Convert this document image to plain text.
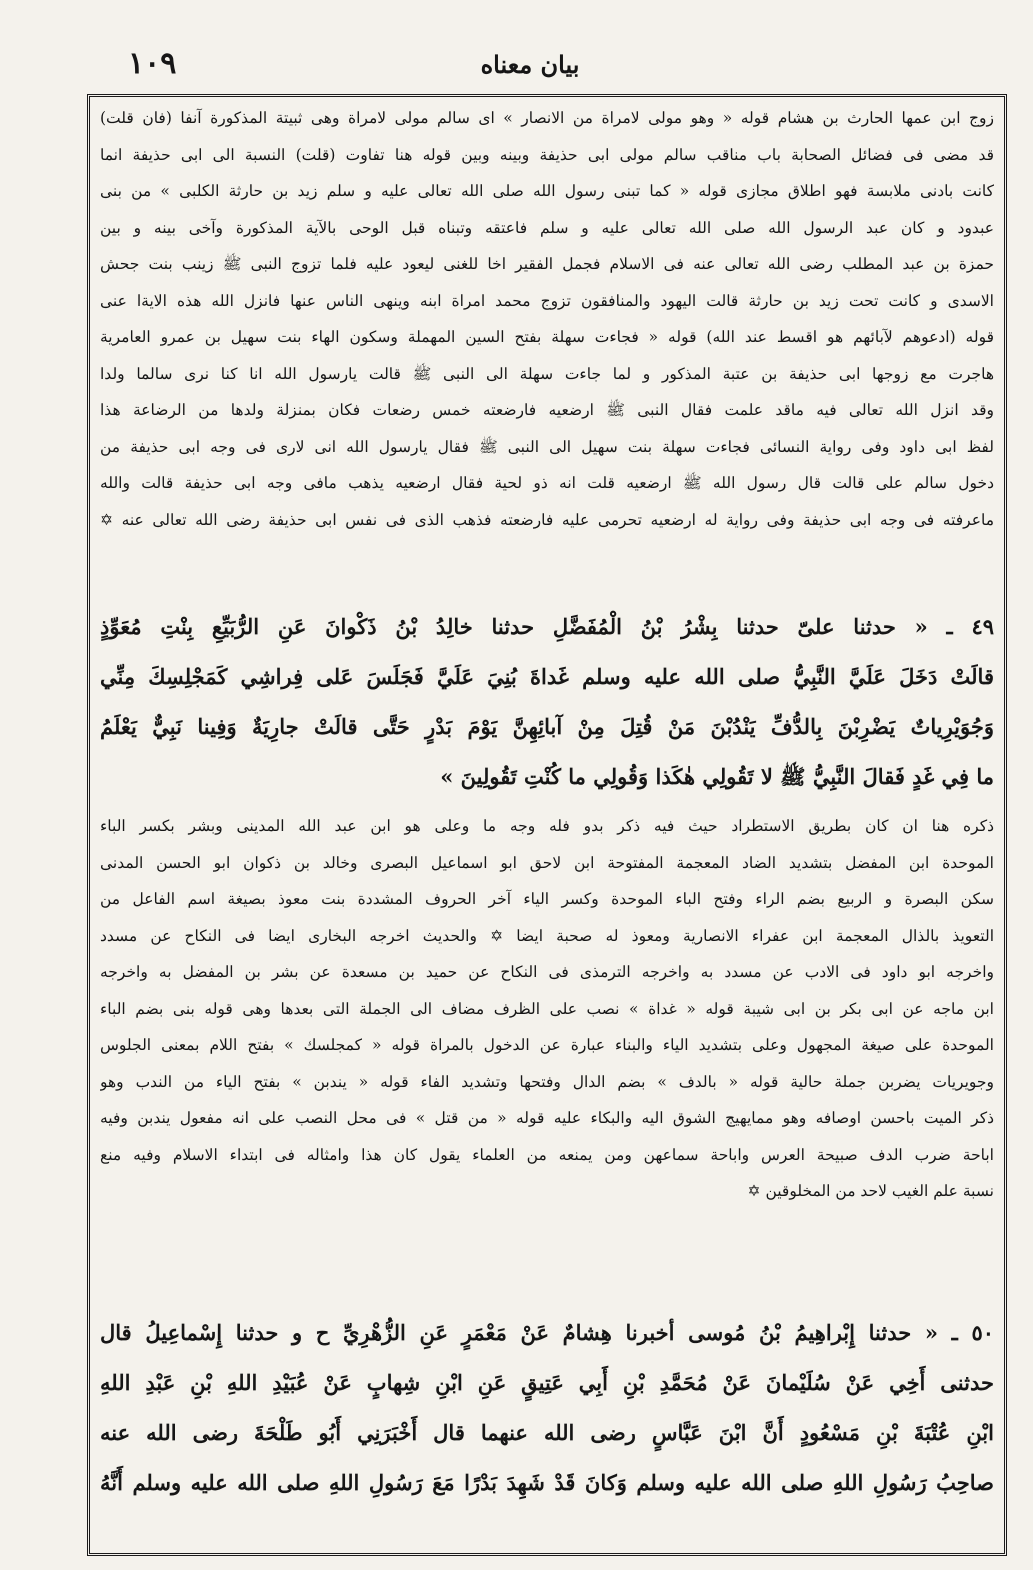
١٠٩	بيان معناه
زوج ابن عمها الحارث بن هشام قوله « وهو مولى لامراة من الانصار » اى سالم مولى لامراة وهى ثبيتة المذكورة آنفا (فان قلت)
قد مضى فى فضائل الصحابة باب مناقب سالم مولى ابى حذيفة وبينه وبين قوله هنا تفاوت (قلت) النسبة الى ابى حذيفة انما
كانت بادنى ملابسة فهو اطلاق مجازى قوله « كما تبنى رسول الله صلى الله تعالى عليه و سلم زيد بن حارثة الكلبى » من بنى
عبدود و كان عبد الرسول الله صلى الله تعالى عليه و سلم فاعتقه وتبناه قبل الوحى بالآية المذكورة وآخى بينه و بين
حمزة بن عبد المطلب رضى الله تعالى عنه فى الاسلام فجمل الفقير اخا للغنى ليعود عليه فلما تزوج النبى ﷺ زينب بنت جحش
الاسدى و كانت تحت زيد بن حارثة قالت اليهود والمنافقون تزوج محمد امراة ابنه وينهى الناس عنها فانزل الله هذه الايةا عنى
قوله (ادعوهم لآبائهم هو اقسط عند الله) قوله « فجاءت سهلة بفتح السين المهملة وسكون الهاء بنت سهيل بن عمرو العامرية
هاجرت مع زوجها ابى حذيفة بن عتبة المذكور و لما جاءت سهلة الى النبى ﷺ قالت يارسول الله انا كنا نرى سالما ولدا
وقد انزل الله تعالى فيه ماقد علمت فقال النبى ﷺ ارضعيه فارضعته خمس رضعات فكان بمنزلة ولدها من الرضاعة هذا
لفظ ابى داود وفى رواية النسائى فجاءت سهلة بنت سهيل الى النبى ﷺ فقال يارسول الله انى لارى فى وجه ابى حذيفة من
دخول سالم على قالت قال رسول الله ﷺ ارضعيه قلت انه ذو لحية فقال ارضعيه يذهب مافى وجه ابى حذيفة قالت والله
ماعرفته فى وجه ابى حذيفة وفى رواية له ارضعيه تحرمى عليه فارضعته فذهب الذى فى نفس ابى حذيفة رضى الله تعالى عنه ✡
٤٩ ـ « حدثنا علىّ حدثنا بِشْرُ بْنُ الْمُفَضَّلِ حدثنا خالِدُ بْنُ ذَكْوانَ عَنِ الرُّبَيِّعِ بِنْتِ مُعَوِّذٍ
قالَتْ دَخَلَ عَلَيَّ النَّبِيُّ صلى الله عليه وسلم غَداةَ بُنِيَ عَلَيَّ فَجَلَسَ عَلى فِراشِي كَمَجْلِسِكَ مِنِّي
وَجُوَيْرِياتٌ يَضْرِبْنَ بِالدُّفِّ يَنْدُبْنَ مَنْ قُتِلَ مِنْ آبائِهِنَّ يَوْمَ بَدْرٍ حَتَّى قالَتْ جارِيَةٌ وَفِينا نَبِيٌّ يَعْلَمُ
ما فِي غَدٍ فَقالَ النَّبِيُّ ﷺ لا تَقُولِي هٰكَذا وَقُولِي ما كُنْتِ تَقُولِينَ »
ذكره هنا ان كان بطريق الاستطراد حيث فيه ذكر بدو فله وجه ما وعلى هو ابن عبد الله المدينى وبشر بكسر الباء
الموحدة ابن المفضل بتشديد الضاد المعجمة المفتوحة ابن لاحق ابو اسماعيل البصرى وخالد بن ذكوان ابو الحسن المدنى
سكن البصرة و الربيع بضم الراء وفتح الباء الموحدة وكسر الياء آخر الحروف المشددة بنت معوذ بصيغة اسم الفاعل من
التعويذ بالذال المعجمة ابن عفراء الانصارية ومعوذ له صحبة ايضا ✡ والحديث اخرجه البخارى ايضا فى النكاح عن مسدد
واخرجه ابو داود فى الادب عن مسدد به واخرجه الترمذى فى النكاح عن حميد بن مسعدة عن بشر بن المفضل به واخرجه
ابن ماجه عن ابى بكر بن ابى شيبة قوله « غداة » نصب على الظرف مضاف الى الجملة التى بعدها وهى قوله بنى بضم الباء
الموحدة على صيغة المجهول وعلى بتشديد الياء والبناء عبارة عن الدخول بالمراة قوله « كمجلسك » بفتح اللام بمعنى الجلوس
وجويريات يضربن جملة حالية قوله « بالدف » بضم الدال وفتحها وتشديد الفاء قوله « يندبن » بفتح الياء من الندب وهو
ذكر الميت باحسن اوصافه وهو ممايهيج الشوق اليه والبكاء عليه قوله « من قتل » فى محل النصب على انه مفعول يندبن وفيه
اباحة ضرب الدف صبيحة العرس واباحة سماعهن ومن يمنعه من العلماء يقول كان هذا وامثاله فى ابتداء الاسلام وفيه منع
نسبة علم الغيب لاحد من المخلوقين ✡
٥٠ ـ « حدثنا إِبْراهِيمُ بْنُ مُوسى أخبرنا هِشامٌ عَنْ مَعْمَرٍ عَنِ الزُّهْرِيِّ ح و حدثنا إِسْماعِيلُ قال
حدثنى أَخِي عَنْ سُلَيْمانَ عَنْ مُحَمَّدِ بْنِ أَبِي عَتِيقٍ عَنِ ابْنِ شِهابٍ عَنْ عُبَيْدِ اللهِ بْنِ عَبْدِ اللهِ
ابْنِ عُتْبَةَ بْنِ مَسْعُودٍ أَنَّ ابْنَ عَبَّاسٍ رضى الله عنهما قال أَخْبَرَنِي أَبُو طَلْحَةَ رضى الله عنه
صاحِبُ رَسُولِ اللهِ صلى الله عليه وسلم وَكانَ قَدْ شَهِدَ بَدْرًا مَعَ رَسُولِ اللهِ صلى الله عليه وسلم أَنَّهُ
